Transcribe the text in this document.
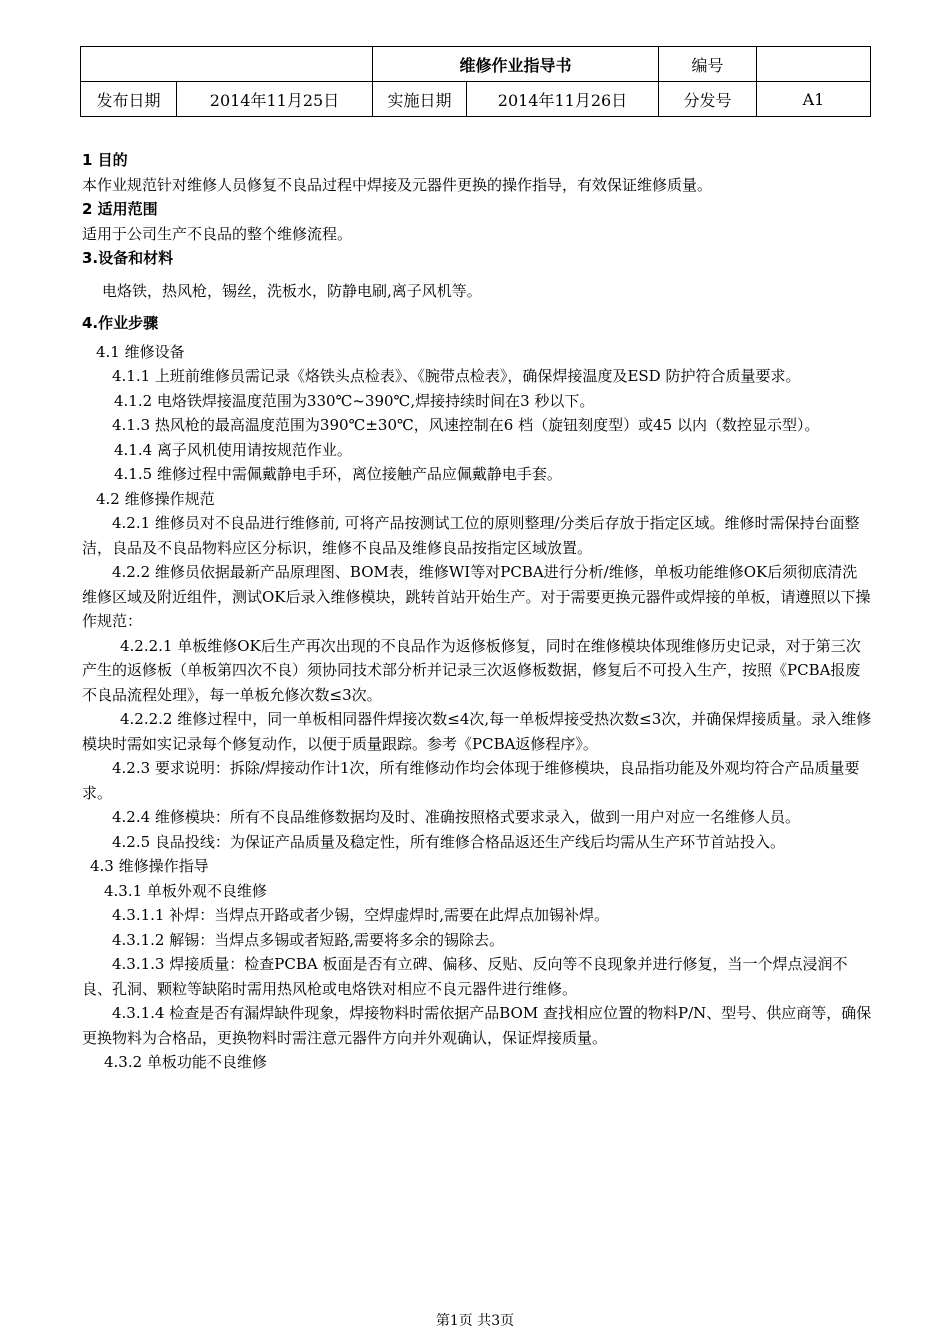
		维修作业指导书		编号	
发布日期	2014年11月25日	实施日期	2014年11月26日	分发号	A1

1 目的

本作业规范针对维修人员修复不良品过程中焊接及元器件更换的操作指导，有效保证维修质量。

2 适用范围

适用于公司生产不良品的整个维修流程。

3.设备和材料

电烙铁，热风枪，锡丝，洗板水，防静电刷,离子风机等。

4.作业步骤

4.1 维修设备

4.1.1 上班前维修员需记录《烙铁头点检表》、《腕带点检表》，确保焊接温度及ESD 防护符合质量要求。

4.1.2 电烙铁焊接温度范围为330℃~390℃,焊接持续时间在3 秒以下。

4.1.3 热风枪的最高温度范围为390℃±30℃，风速控制在6 档（旋钮刻度型）或45 以内（数控显示型）。

4.1.4 离子风机使用请按规范作业。

4.1.5 维修过程中需佩戴静电手环，离位接触产品应佩戴静电手套。

4.2 维修操作规范

4.2.1 维修员对不良品进行维修前, 可将产品按测试工位的原则整理/分类后存放于指定区域。维修时需保持台面整洁，良品及不良品物料应区分标识，维修不良品及维修良品按指定区域放置。

4.2.2 维修员依据最新产品原理图、BOM表，维修WI等对PCBA进行分析/维修，单板功能维修OK后须彻底清洗维修区域及附近组件，测试OK后录入维修模块，跳转首站开始生产。对于需要更换元器件或焊接的单板，请遵照以下操作规范：

4.2.2.1 单板维修OK后生产再次出现的不良品作为返修板修复，同时在维修模块体现维修历史记录，对于第三次产生的返修板（单板第四次不良）须协同技术部分析并记录三次返修板数据，修复后不可投入生产，按照《PCBA报废不良品流程处理》，每一单板允修次数≤3次。

4.2.2.2 维修过程中，同一单板相同器件焊接次数≤4次,每一单板焊接受热次数≤3次，并确保焊接质量。录入维修模块时需如实记录每个修复动作，以便于质量跟踪。参考《PCBA返修程序》。

4.2.3 要求说明：拆除/焊接动作计1次，所有维修动作均会体现于维修模块，良品指功能及外观均符合产品质量要求。

4.2.4 维修模块：所有不良品维修数据均及时、准确按照格式要求录入，做到一用户对应一名维修人员。

4.2.5 良品投线：为保证产品质量及稳定性，所有维修合格品返还生产线后均需从生产环节首站投入。

4.3 维修操作指导

4.3.1 单板外观不良维修

4.3.1.1 补焊：当焊点开路或者少锡，空焊虚焊时,需要在此焊点加锡补焊。

4.3.1.2 解锡：当焊点多锡或者短路,需要将多余的锡除去。

4.3.1.3 焊接质量：检查PCBA 板面是否有立碑、偏移、反贴、反向等不良现象并进行修复，当一个焊点浸润不良、孔洞、颗粒等缺陷时需用热风枪或电烙铁对相应不良元器件进行维修。

4.3.1.4 检查是否有漏焊缺件现象，焊接物料时需依据产品BOM 查找相应位置的物料P/N、型号、供应商等，确保更换物料为合格品，更换物料时需注意元器件方向并外观确认，保证焊接质量。

4.3.2 单板功能不良维修

第1页 共3页
